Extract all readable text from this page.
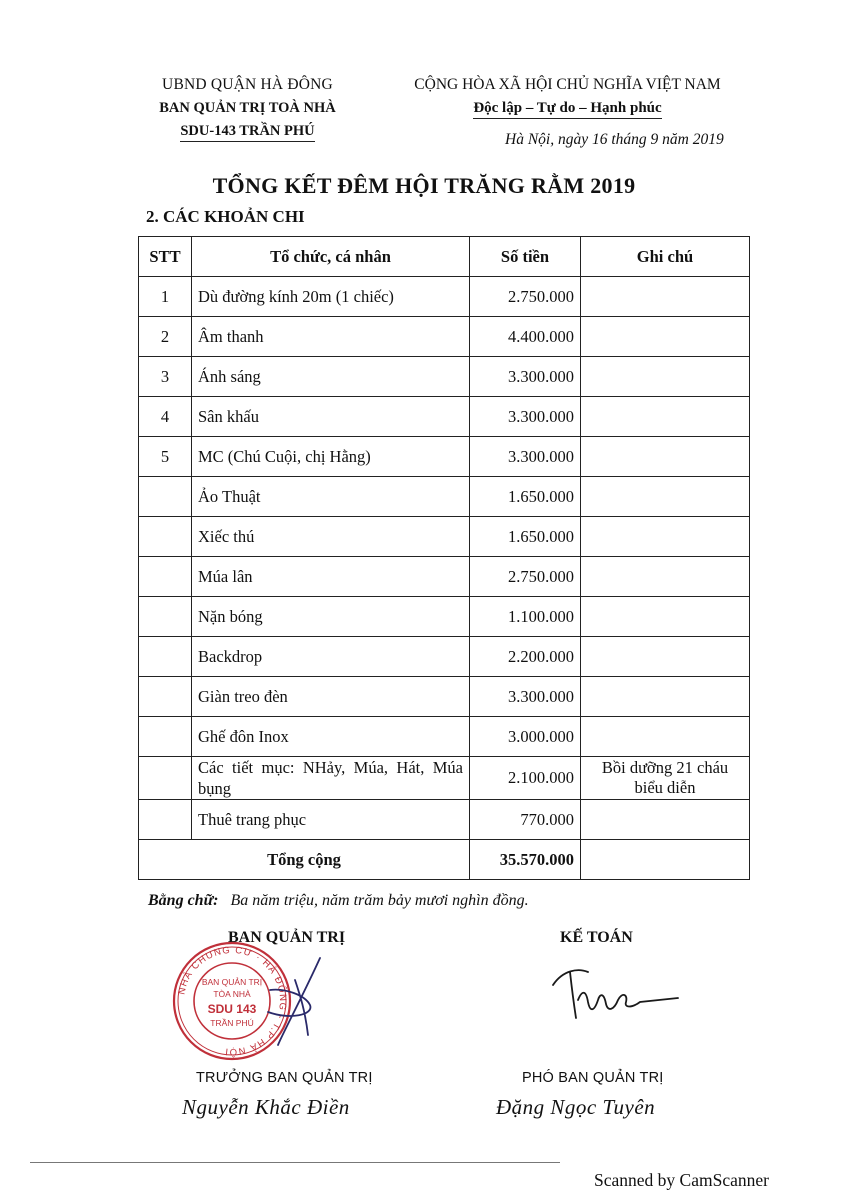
UBND QUẬN HÀ ĐÔNG
BAN QUẢN TRỊ TOÀ NHÀ
SDU-143 TRẦN PHÚ
CỘNG HÒA XÃ HỘI CHỦ NGHĨA VIỆT NAM
Độc lập – Tự do – Hạnh phúc
Hà Nội, ngày 16 tháng 9 năm 2019
TỔNG KẾT ĐÊM HỘI TRĂNG RẰM 2019
2. CÁC KHOẢN CHI
STT	Tổ chức, cá nhân	Số tiền	Ghi chú
1	Dù đường kính 20m (1 chiếc)	2.750.000	
2	Âm thanh	4.400.000	
3	Ánh sáng	3.300.000	
4	Sân khấu	3.300.000	
5	MC (Chú Cuội, chị Hằng)	3.300.000	
	Ảo Thuật	1.650.000	
	Xiếc thú	1.650.000	
	Múa lân	2.750.000	
	Nặn bóng	1.100.000	
	Backdrop	2.200.000	
	Giàn treo đèn	3.300.000	
	Ghế đôn Inox	3.000.000	
	Các tiết mục: NHảy, Múa, Hát, Múa bụng	2.100.000	Bồi dưỡng 21 cháu biểu diễn
	Thuê trang phục	770.000	
Tổng cộng		35.570.000	
Bằng chữ: Ba năm triệu, năm trăm bảy mươi nghìn đồng.
BAN QUẢN TRỊ	KẾ TOÁN
NHÀ CHUNG CƯ · HÀ ĐÔNG - T.P HÀ NỘI
BAN QUẢN TRỊ
TÒA NHÀ
SDU 143
TRẦN PHÚ
TRƯỞNG BAN QUẢN TRỊ	PHÓ BAN QUẢN TRỊ
Nguyễn Khắc Điền	Đặng Ngọc Tuyên
Scanned by CamScanner
